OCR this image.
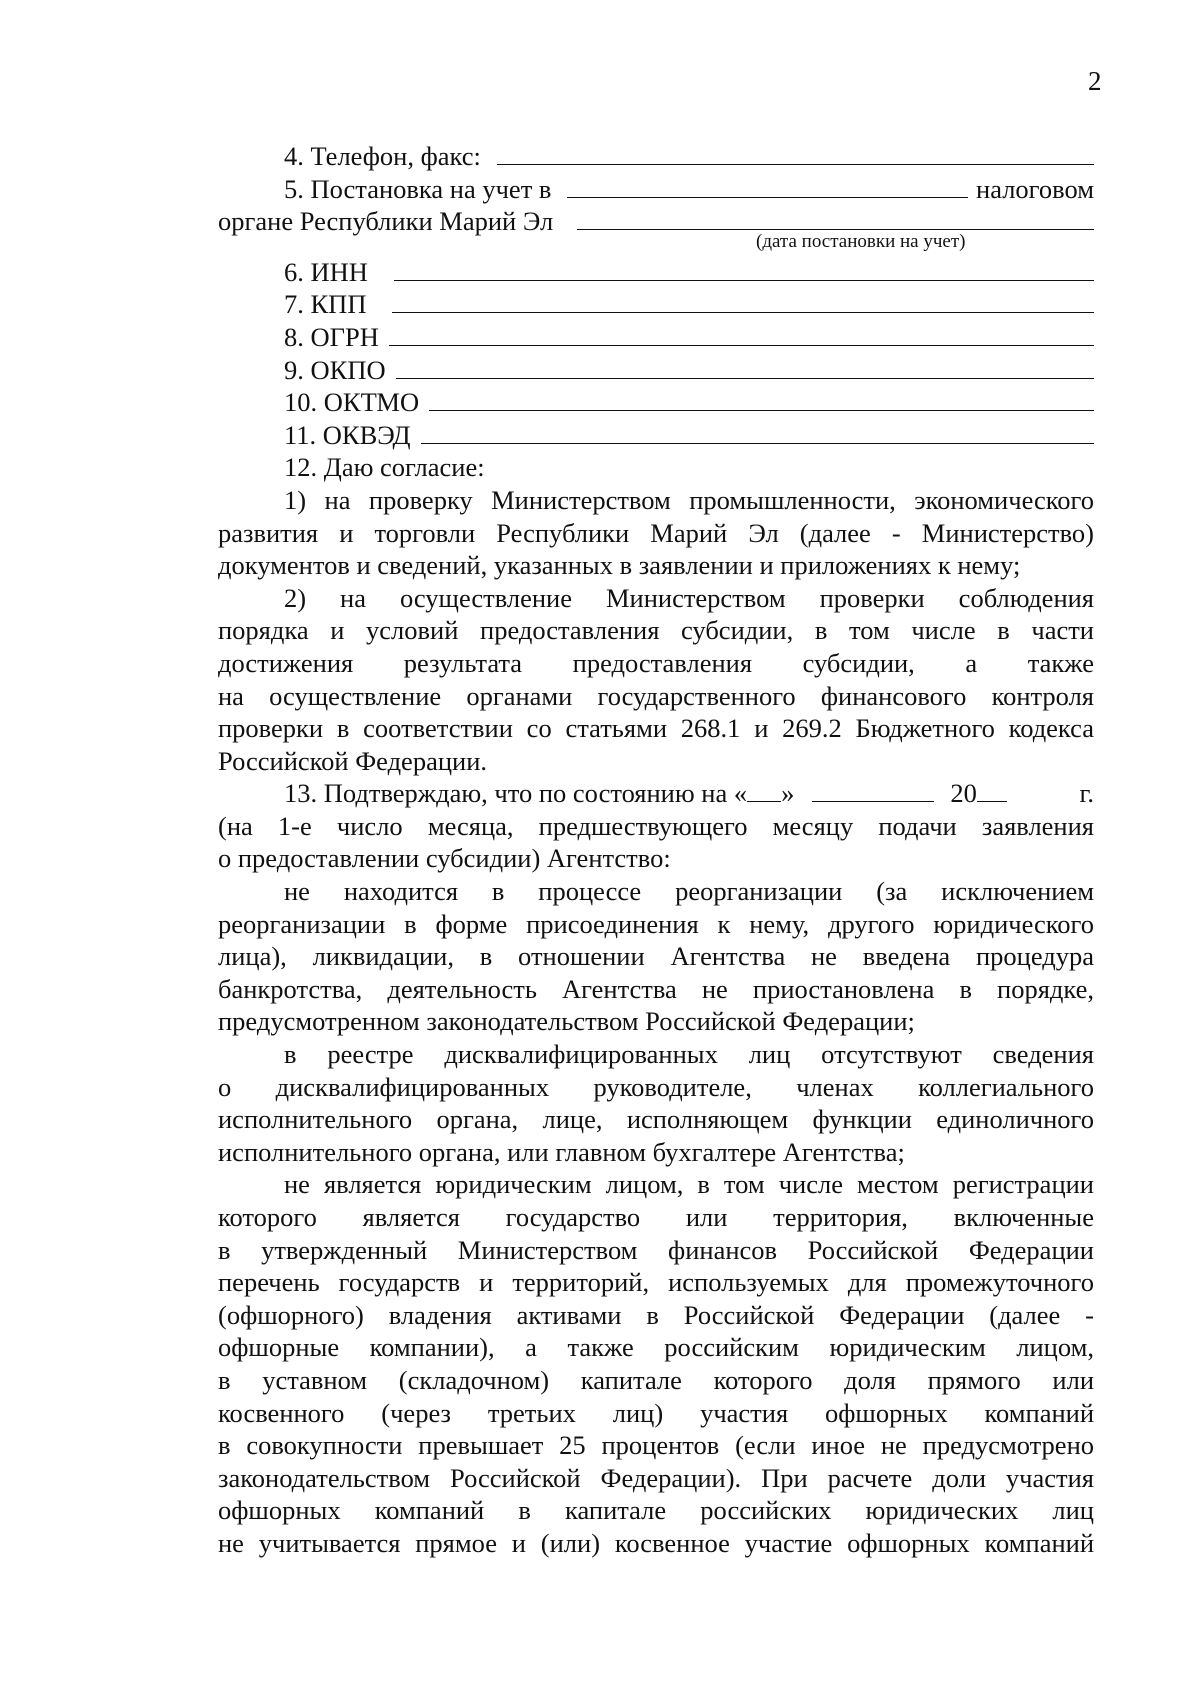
2
4. Телефон, факс:
5. Постановка на учет в	налоговом
органе Республики Марий Эл
(дата постановки на учет)
6. ИНН
7. КПП
8. ОГРН
9. ОКПО
10. ОКТМО
11. ОКВЭД
12. Даю согласие:
1) на проверку Министерством промышленности, экономического
развития и торговли Республики Марий Эл (далее - Министерство)
документов и сведений, указанных в заявлении и приложениях к нему;
2) на осуществление Министерством проверки соблюдения
порядка и условий предоставления субсидии, в том числе в части
достижения результата предоставления субсидии, а также
на осуществление органами государственного финансового контроля
проверки в соответствии со статьями 268.1 и 269.2 Бюджетного кодекса
Российской Федерации.
13. Подтверждаю, что по состоянию на « »	20	г.
(на 1-е число месяца, предшествующего месяцу подачи заявления
о предоставлении субсидии) Агентство:
не находится в процессе реорганизации (за исключением
реорганизации в форме присоединения к нему, другого юридического
лица), ликвидации, в отношении Агентства не введена процедура
банкротства, деятельность Агентства не приостановлена в порядке,
предусмотренном законодательством Российской Федерации;
в реестре дисквалифицированных лиц отсутствуют сведения
о дисквалифицированных руководителе, членах коллегиального
исполнительного органа, лице, исполняющем функции единоличного
исполнительного органа, или главном бухгалтере Агентства;
не является юридическим лицом, в том числе местом регистрации
которого является государство или территория, включенные
в утвержденный Министерством финансов Российской Федерации
перечень государств и территорий, используемых для промежуточного
(офшорного) владения активами в Российской Федерации (далее -
офшорные компании), а также российским юридическим лицом,
в уставном (складочном) капитале которого доля прямого или
косвенного (через третьих лиц) участия офшорных компаний
в совокупности превышает 25 процентов (если иное не предусмотрено
законодательством Российской Федерации). При расчете доли участия
офшорных компаний в капитале российских юридических лиц
не учитывается прямое и (или) косвенное участие офшорных компаний
